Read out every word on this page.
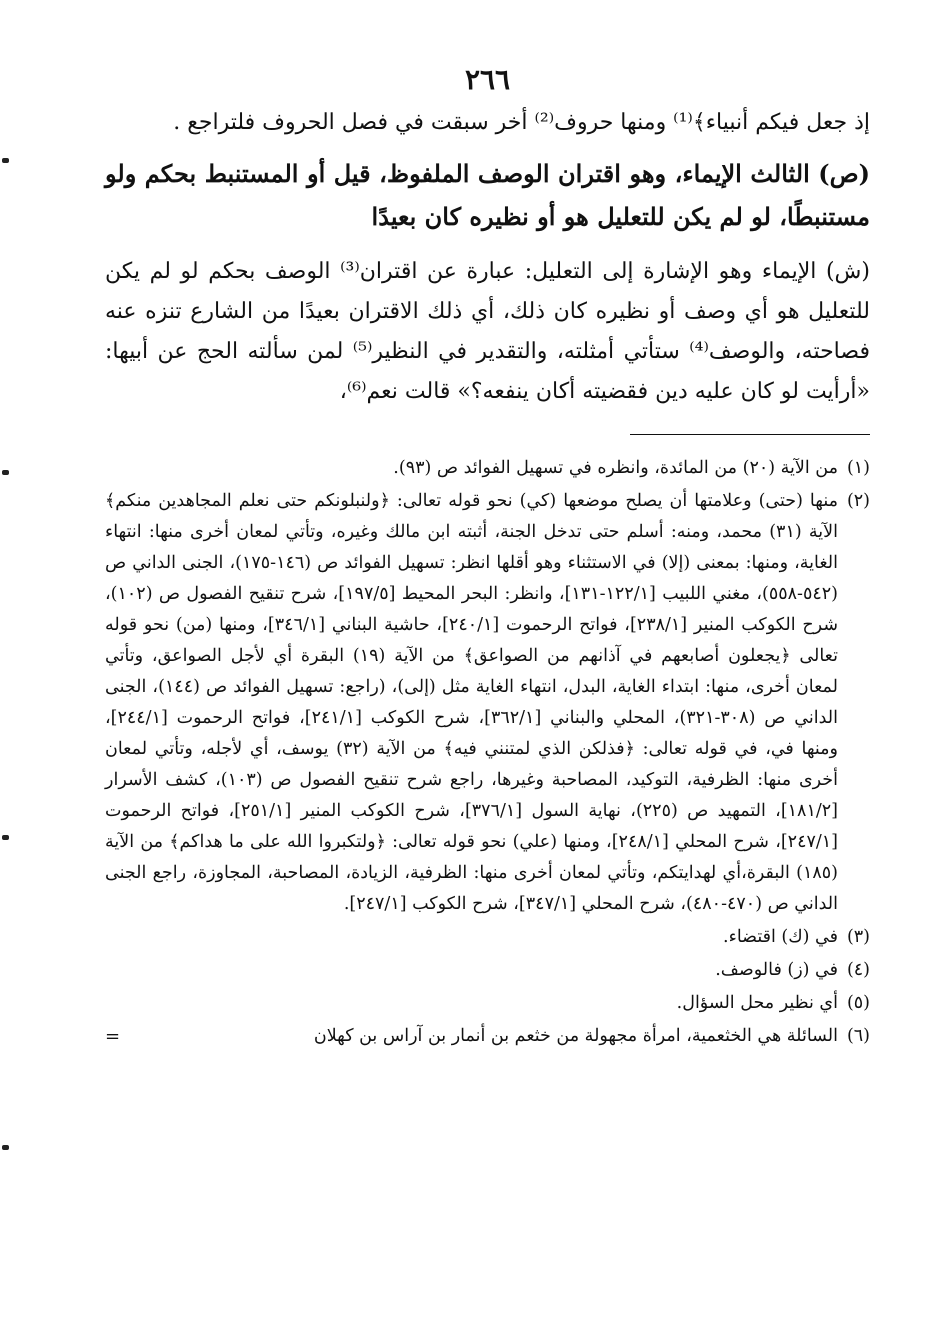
٢٦٦

إذ جعل فيكم أنبياء﴾⁽¹⁾ ومنها حروف⁽²⁾ أخر سبقت في فصل الحروف فلتراجع .

(ص) الثالث الإيماء، وهو اقتران الوصف الملفوظ، قيل أو المستنبط بحكم ولو مستنبطًا، لو لم يكن للتعليل هو أو نظيره كان بعيدًا

(ش) الإيماء وهو الإشارة إلى التعليل: عبارة عن اقتران⁽³⁾ الوصف بحكم لو لم يكن للتعليل هو أي وصف أو نظيره كان ذلك، أي ذلك الاقتران بعيدًا من الشارع تنزه عنه فصاحته، والوصف⁽⁴⁾ ستأتي أمثلته، والتقدير في النظير⁽⁵⁾ لمن سألته الحج عن أبيها: «أرأيت لو كان عليه دين فقضيته أكان ينفعه؟» قالت نعم⁽⁶⁾،

(١)
من الآية (٢٠) من المائدة، وانظره في تسهيل الفوائد ص (٩٣).

(٢)
منها (حتى) وعلامتها أن يصلح موضعها (كي) نحو قوله تعالى: ﴿ولنبلونكم حتى نعلم المجاهدين منكم﴾ الآية (٣١) محمد، ومنه: أسلم حتى تدخل الجنة، أثبته ابن مالك وغيره، وتأتي لمعان أخرى منها: انتهاء الغاية، ومنها: بمعنى (إلا) في الاستثناء وهو أقلها انظر: تسهيل الفوائد ص (١٤٦-١٧٥)، الجنى الداني ص (٥٤٢-٥٥٨)، مغني اللبيب [١٢٢/١-١٣١]، وانظر: البحر المحيط [١٩٧/٥]، شرح تنقيح الفصول ص (١٠٢)، شرح الكوكب المنير [٢٣٨/١]، فواتح الرحموت [٢٤٠/١]، حاشية البناني [٣٤٦/١]، ومنها (من) نحو قوله تعالى ﴿يجعلون أصابعهم في آذانهم من الصواعق﴾ من الآية (١٩) البقرة أي لأجل الصواعق، وتأتي لمعان أخرى، منها: ابتداء الغاية، البدل، انتهاء الغاية مثل (إلى)، (راجع: تسهيل الفوائد ص (١٤٤)، الجنى الداني ص (٣٠٨-٣٢١)، المحلي والبناني [٣٦٢/١]، شرح الكوكب [٢٤١/١]، فواتح الرحموت [٢٤٤/١]، ومنها في، في قوله تعالى: ﴿فذلكن الذي لمتنني فيه﴾ من الآية (٣٢) يوسف، أي لأجله، وتأتي لمعان أخرى منها: الظرفية، التوكيد، المصاحبة وغيرها، راجع شرح تنقيح الفصول ص (١٠٣)، كشف الأسرار [١٨١/٢]، التمهيد ص (٢٢٥)، نهاية السول [٣٧٦/١]، شرح الكوكب المنير [٢٥١/١]، فواتح الرحموت [٢٤٧/١]، شرح المحلي [٢٤٨/١]، ومنها (علي) نحو قوله تعالى: ﴿ولتكبروا الله على ما هداكم﴾ من الآية (١٨٥) البقرة،أي لهدايتكم، وتأتي لمعان أخرى منها: الظرفية، الزيادة، المصاحبة، المجاوزة، راجع الجنى الداني ص (٤٧٠-٤٨٠)، شرح المحلي [٣٤٧/١]، شرح الكوكب [٢٤٧/١].

(٣)
في (ك) اقتضاء.

(٤)
في (ز) فالوصف.

(٥)
أي نظير محل السؤال.

(٦)
السائلة هي الخثعمية، امرأة مجهولة من خثعم بن أنمار بن آراس بن كهلان
=
